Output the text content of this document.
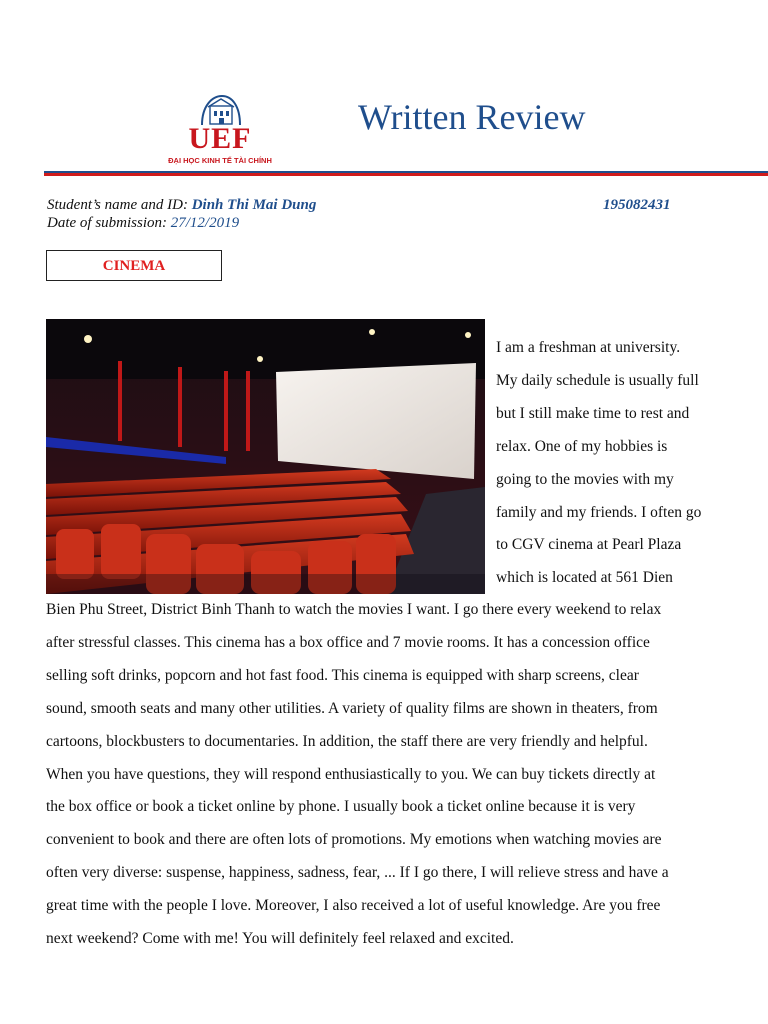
UEF
ĐẠI HỌC KINH TẾ TÀI CHÍNH
Written Review
Student’s name and ID: Dinh Thi Mai Dung	195082431
Date of submission: 27/12/2019
CINEMA
I am a freshman at university.
My daily schedule is usually full
but I still make time to rest and
relax. One of my hobbies is
going to the movies with my
family and my friends. I often go
to CGV cinema at Pearl Plaza
which is located at 561 Dien
Bien Phu Street, District Binh Thanh to watch the movies I want. I go there every weekend to relax
after stressful classes. This cinema has a box office and 7 movie rooms. It has a concession office
selling soft drinks, popcorn and hot fast food. This cinema is equipped with sharp screens, clear
sound, smooth seats and many other utilities. A variety of quality films are shown in theaters, from
cartoons, blockbusters to documentaries. In addition, the staff there are very friendly and helpful.
When you have questions, they will respond enthusiastically to you. We can buy tickets directly at
the box office or book a ticket online by phone. I usually book a ticket online because it is very
convenient to book and there are often lots of promotions. My emotions when watching movies are
often very diverse: suspense, happiness, sadness, fear, ... If I go there, I will relieve stress and have a
great time with the people I love. Moreover, I also received a lot of useful knowledge. Are you free
next weekend? Come with me! You will definitely feel relaxed and excited.
